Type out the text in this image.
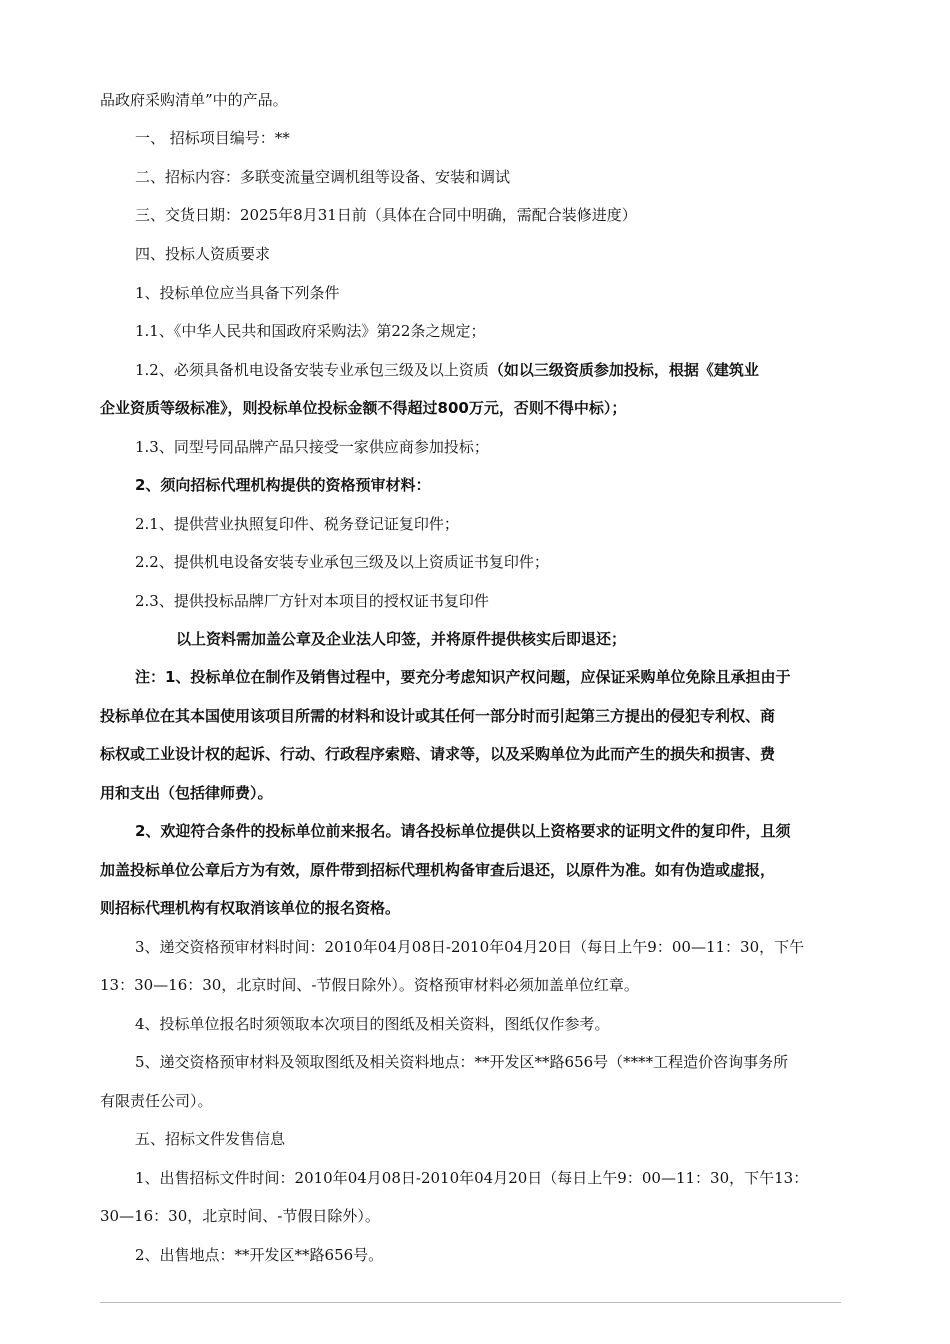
品政府采购清单”中的产品。
一、 招标项目编号：**
二、招标内容：多联变流量空调机组等设备、安装和调试
三、交货日期：2025年8月31日前（具体在合同中明确，需配合装修进度）
四、投标人资质要求
1、投标单位应当具备下列条件
1.1、《中华人民共和国政府采购法》第22条之规定；
1.2、必须具备机电设备安装专业承包三级及以上资质（如以三级资质参加投标，根据《建筑业
企业资质等级标准》，则投标单位投标金额不得超过800万元，否则不得中标）；
1.3、同型号同品牌产品只接受一家供应商参加投标；
2、须向招标代理机构提供的资格预审材料：
2.1、提供营业执照复印件、税务登记证复印件；
2.2、提供机电设备安装专业承包三级及以上资质证书复印件；
2.3、提供投标品牌厂方针对本项目的授权证书复印件
以上资料需加盖公章及企业法人印签，并将原件提供核实后即退还；
注：1、投标单位在制作及销售过程中，要充分考虑知识产权问题，应保证采购单位免除且承担由于
投标单位在其本国使用该项目所需的材料和设计或其任何一部分时而引起第三方提出的侵犯专利权、商
标权或工业设计权的起诉、行动、行政程序索赔、请求等，以及采购单位为此而产生的损失和损害、费
用和支出（包括律师费）。
2、欢迎符合条件的投标单位前来报名。请各投标单位提供以上资格要求的证明文件的复印件，且须
加盖投标单位公章后方为有效，原件带到招标代理机构备审查后退还，以原件为准。如有伪造或虚报，
则招标代理机构有权取消该单位的报名资格。
3、递交资格预审材料时间：2010年04月08日-2010年04月20日（每日上午9：00—11：30，下午
13：30—16：30，北京时间、-节假日除外）。资格预审材料必须加盖单位红章。
4、投标单位报名时须领取本次项目的图纸及相关资料，图纸仅作参考。
5、递交资格预审材料及领取图纸及相关资料地点：**开发区**路656号（****工程造价咨询事务所
有限责任公司）。
五、招标文件发售信息
1、出售招标文件时间：2010年04月08日-2010年04月20日（每日上午9：00—11：30，下午13：
30—16：30，北京时间、-节假日除外）。
2、出售地点：**开发区**路656号。
